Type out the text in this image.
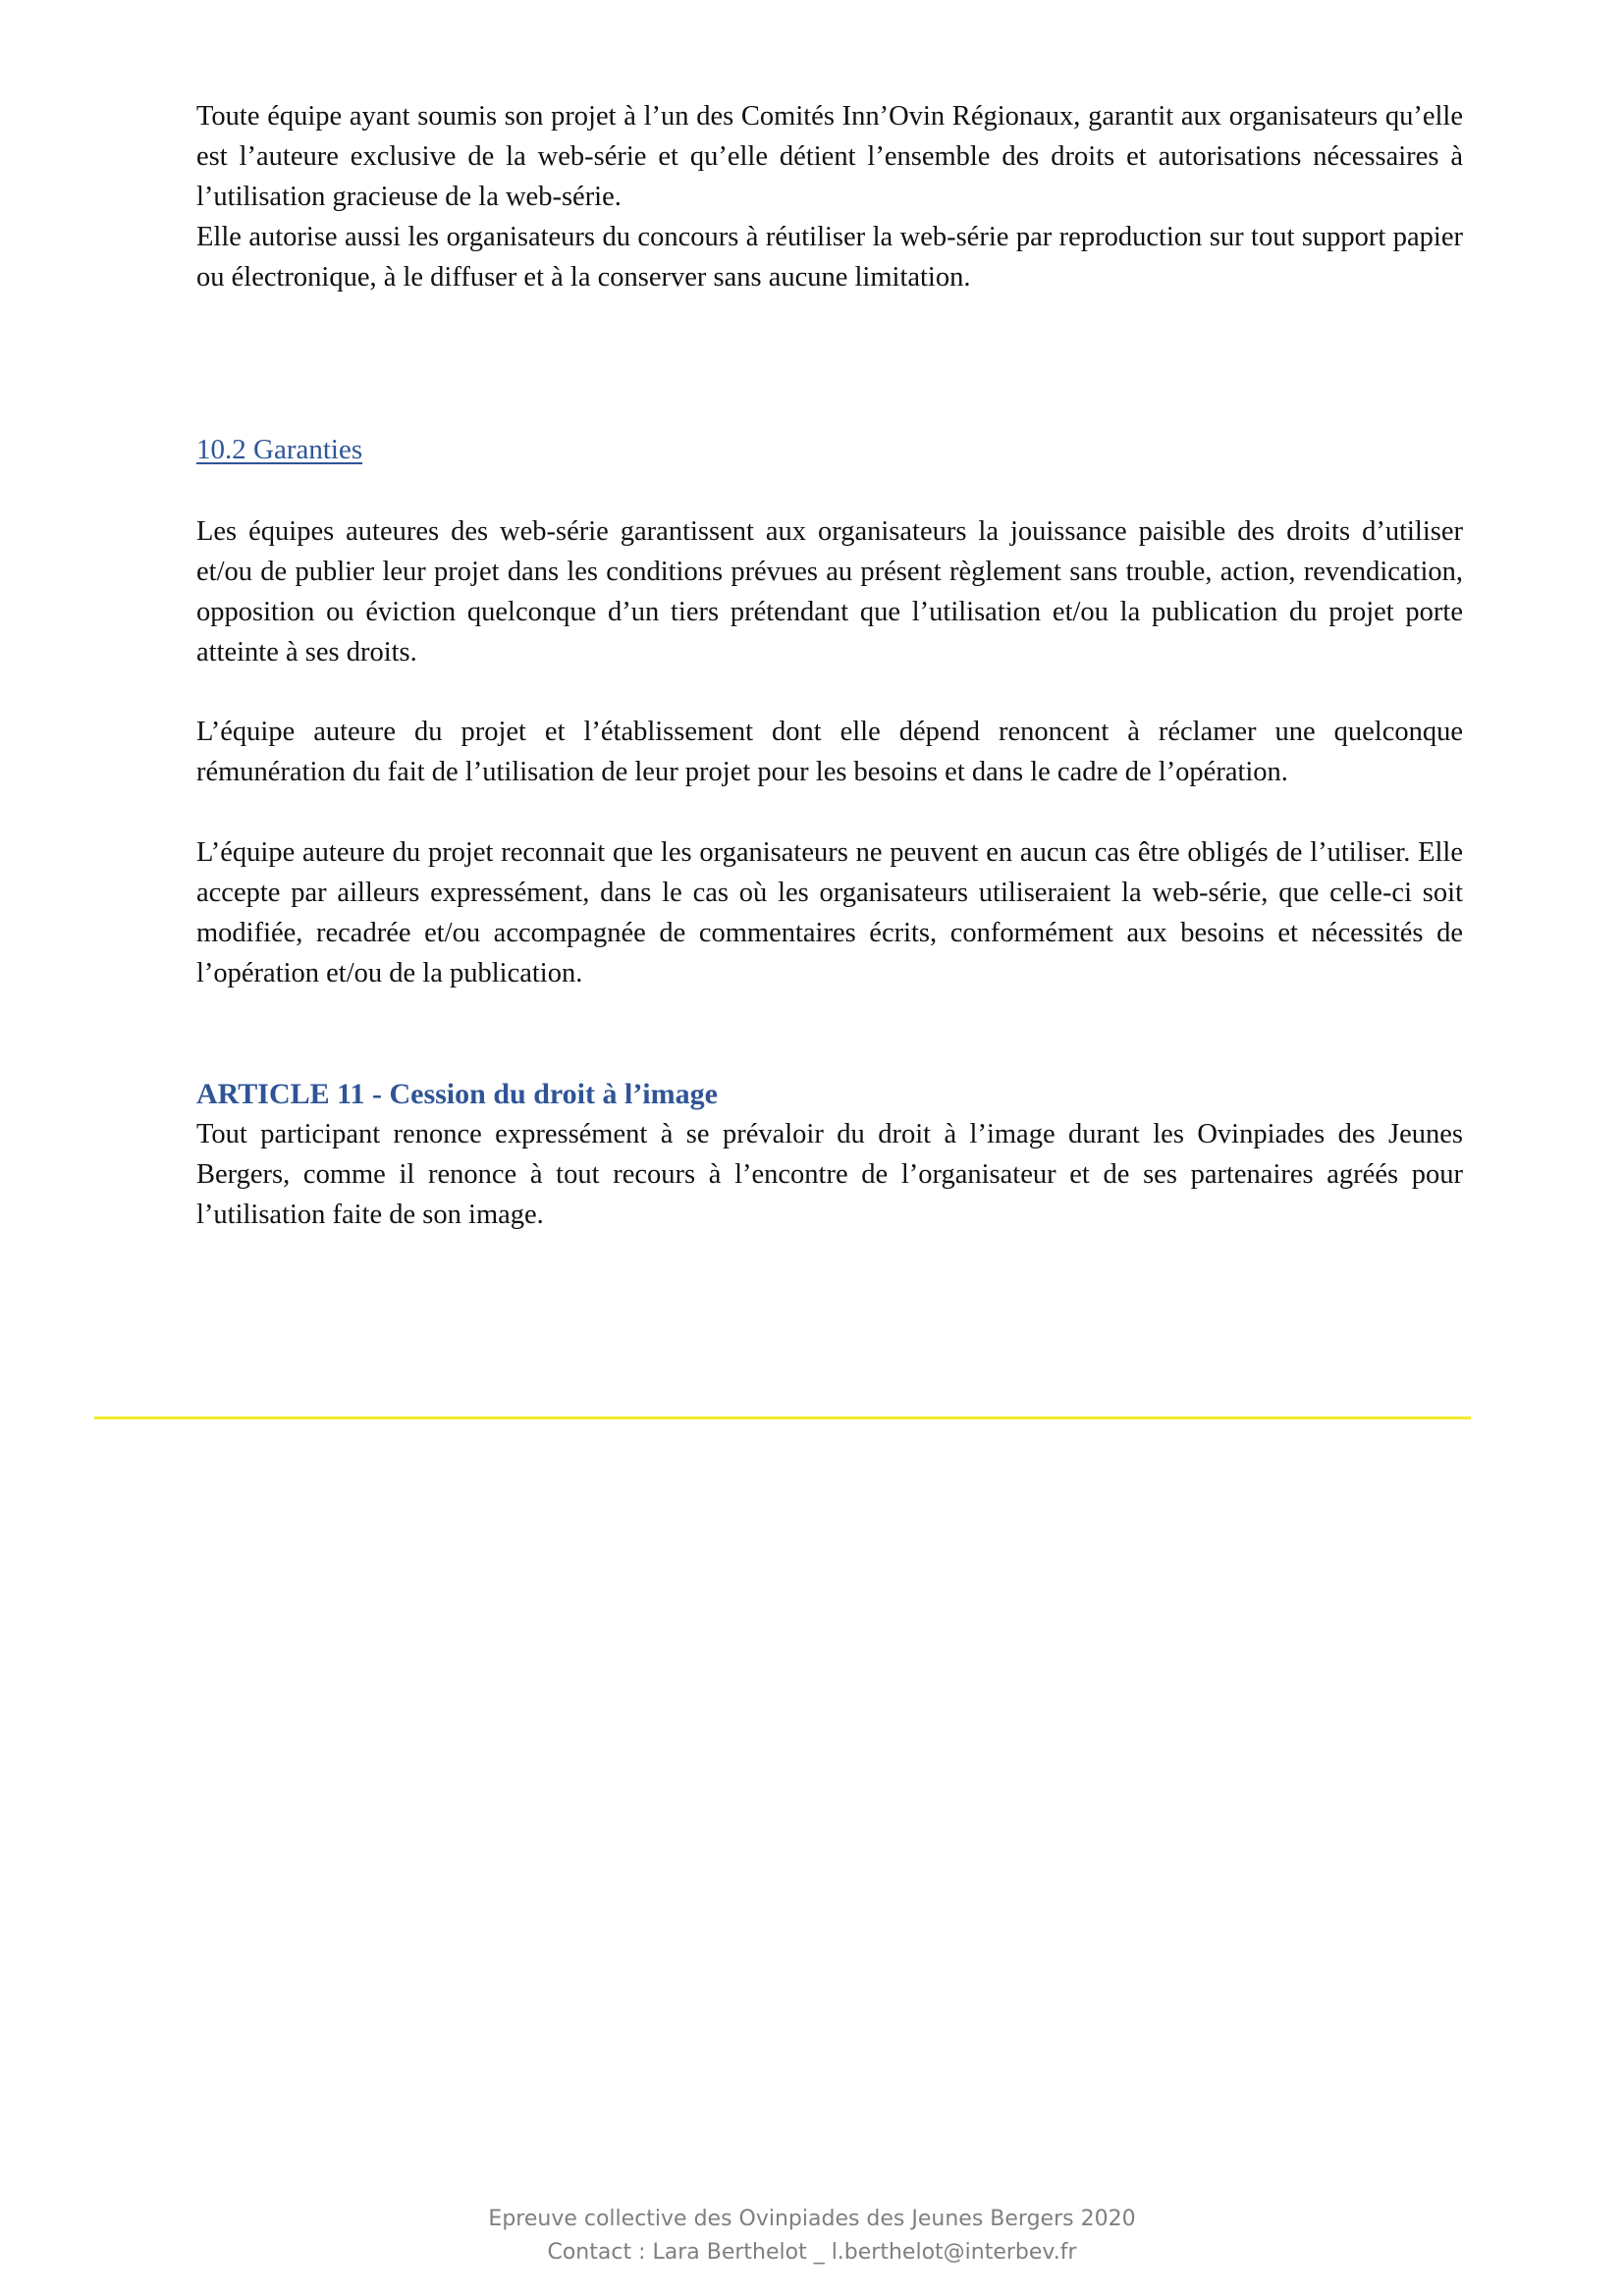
Toute équipe ayant soumis son projet à l’un des Comités Inn’Ovin Régionaux, garantit aux organisateurs qu’elle est l’auteure exclusive de la web-série et qu’elle détient l’ensemble des droits et autorisations nécessaires à l’utilisation gracieuse de la web-série.

Elle autorise aussi les organisateurs du concours à réutiliser la web-série par reproduction sur tout support papier ou électronique, à le diffuser et à la conserver sans aucune limitation.

10.2 Garanties

Les équipes auteures des web-série garantissent aux organisateurs la jouissance paisible des droits d’utiliser et/ou de publier leur projet dans les conditions prévues au présent règlement sans trouble, action, revendication, opposition ou éviction quelconque d’un tiers prétendant que l’utilisation et/ou la publication du projet porte atteinte à ses droits.

L’équipe auteure du projet et l’établissement dont elle dépend renoncent à réclamer une quelconque rémunération du fait de l’utilisation de leur projet pour les besoins et dans le cadre de l’opération.

L’équipe auteure du projet reconnait que les organisateurs ne peuvent en aucun cas être obligés de l’utiliser. Elle accepte par ailleurs expressément, dans le cas où les organisateurs utiliseraient la web-série, que celle-ci soit modifiée, recadrée et/ou accompagnée de commentaires écrits, conformément aux besoins et nécessités de l’opération et/ou de la publication.

ARTICLE 11 - Cession du droit à l’image

Tout participant renonce expressément à se prévaloir du droit à l’image durant les Ovinpiades des Jeunes Bergers, comme il renonce à tout recours à l’encontre de l’organisateur et de ses partenaires agréés pour l’utilisation faite de son image.

Epreuve collective des Ovinpiades des Jeunes Bergers 2020
Contact : Lara Berthelot _ l.berthelot@interbev.fr
